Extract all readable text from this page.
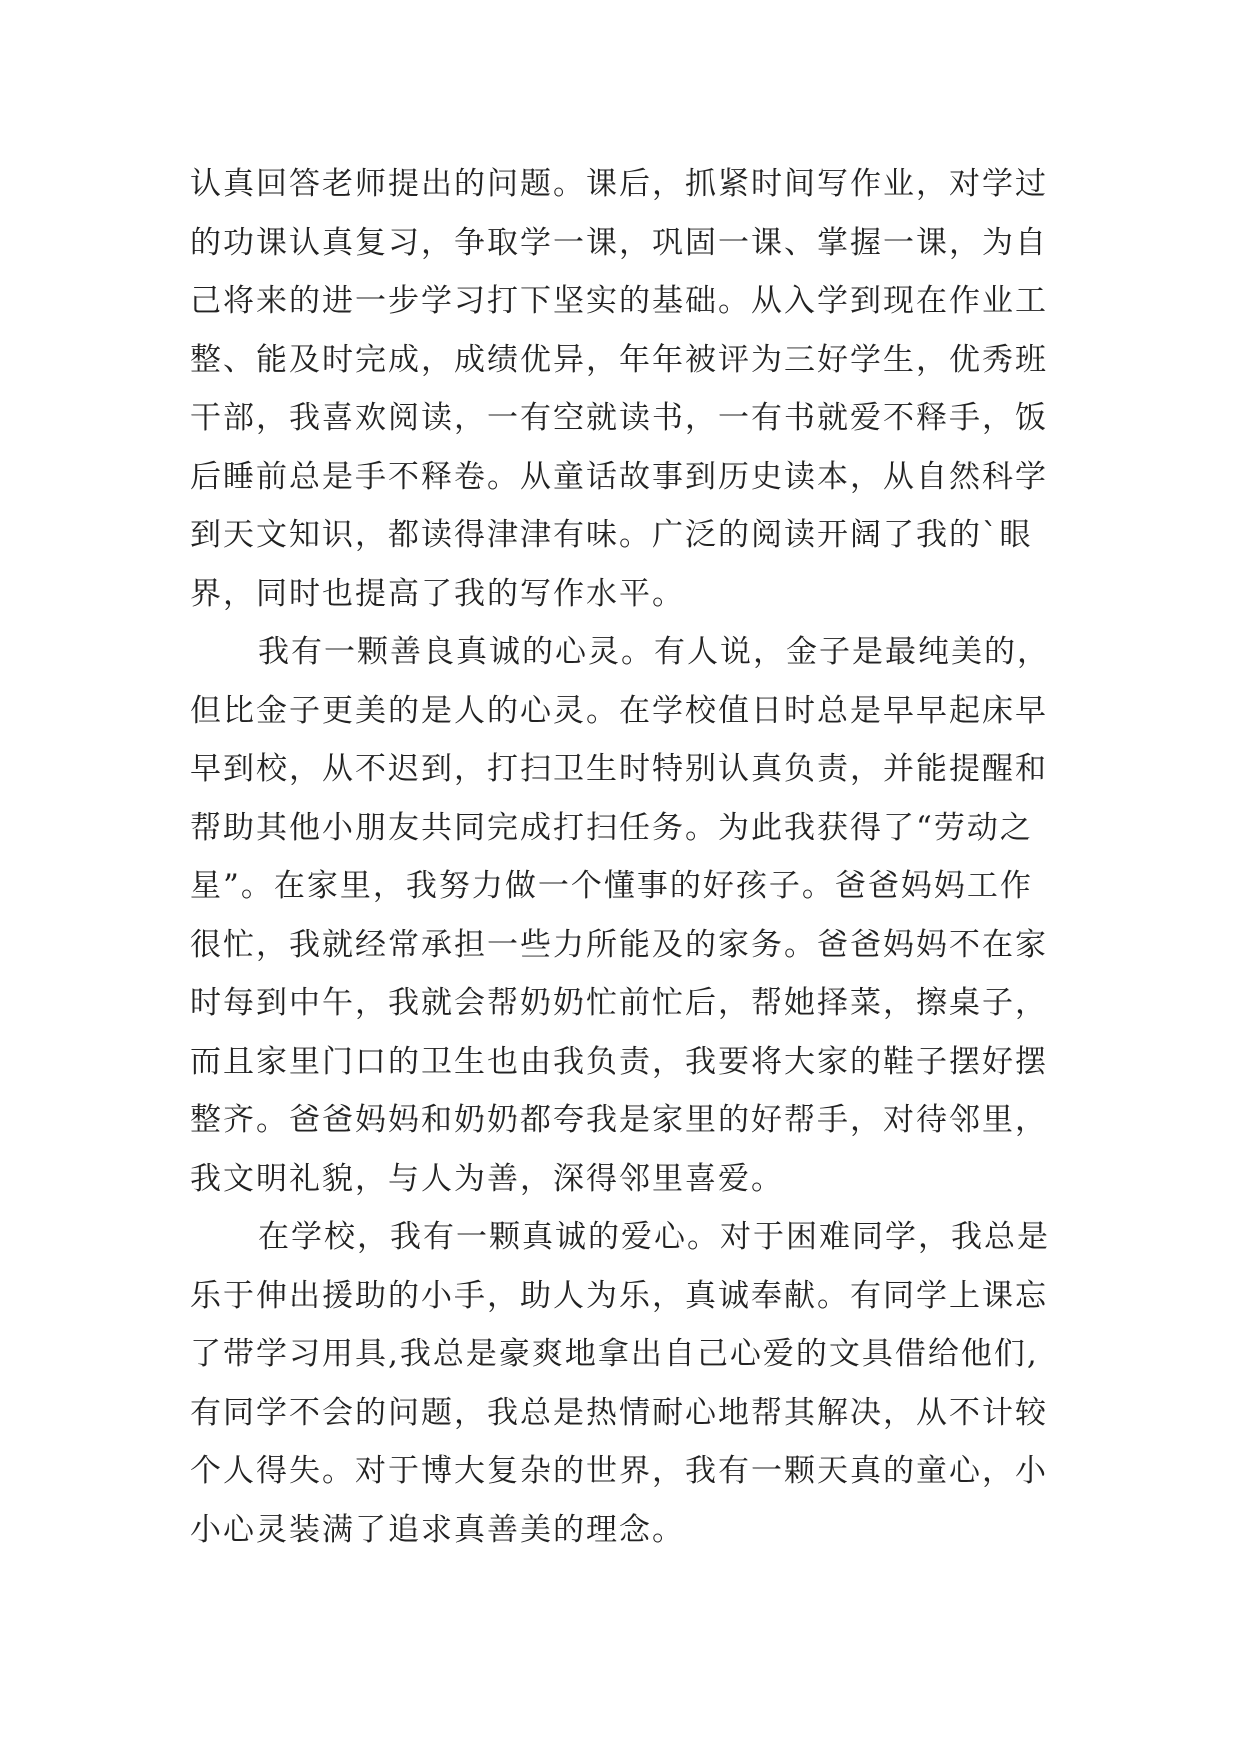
认真回答老师提出的问题。课后，抓紧时间写作业，对学过
的功课认真复习，争取学一课，巩固一课、掌握一课，为自
己将来的进一步学习打下坚实的基础。从入学到现在作业工
整、能及时完成，成绩优异，年年被评为三好学生，优秀班
干部，我喜欢阅读，一有空就读书，一有书就爱不释手，饭
后睡前总是手不释卷。从童话故事到历史读本，从自然科学
到天文知识，都读得津津有味。广泛的阅读开阔了我的`眼
界，同时也提高了我的写作水平。
我有一颗善良真诚的心灵。有人说，金子是最纯美的，
但比金子更美的是人的心灵。在学校值日时总是早早起床早
早到校，从不迟到，打扫卫生时特别认真负责，并能提醒和
帮助其他小朋友共同完成打扫任务。为此我获得了“劳动之
星”。在家里，我努力做一个懂事的好孩子。爸爸妈妈工作
很忙，我就经常承担一些力所能及的家务。爸爸妈妈不在家
时每到中午，我就会帮奶奶忙前忙后，帮她择菜，擦桌子，
而且家里门口的卫生也由我负责，我要将大家的鞋子摆好摆
整齐。爸爸妈妈和奶奶都夸我是家里的好帮手，对待邻里，
我文明礼貌，与人为善，深得邻里喜爱。
在学校，我有一颗真诚的爱心。对于困难同学，我总是
乐于伸出援助的小手，助人为乐，真诚奉献。有同学上课忘
了带学习用具,我总是豪爽地拿出自己心爱的文具借给他们,
有同学不会的问题，我总是热情耐心地帮其解决，从不计较
个人得失。对于博大复杂的世界，我有一颗天真的童心，小
小心灵装满了追求真善美的理念。
